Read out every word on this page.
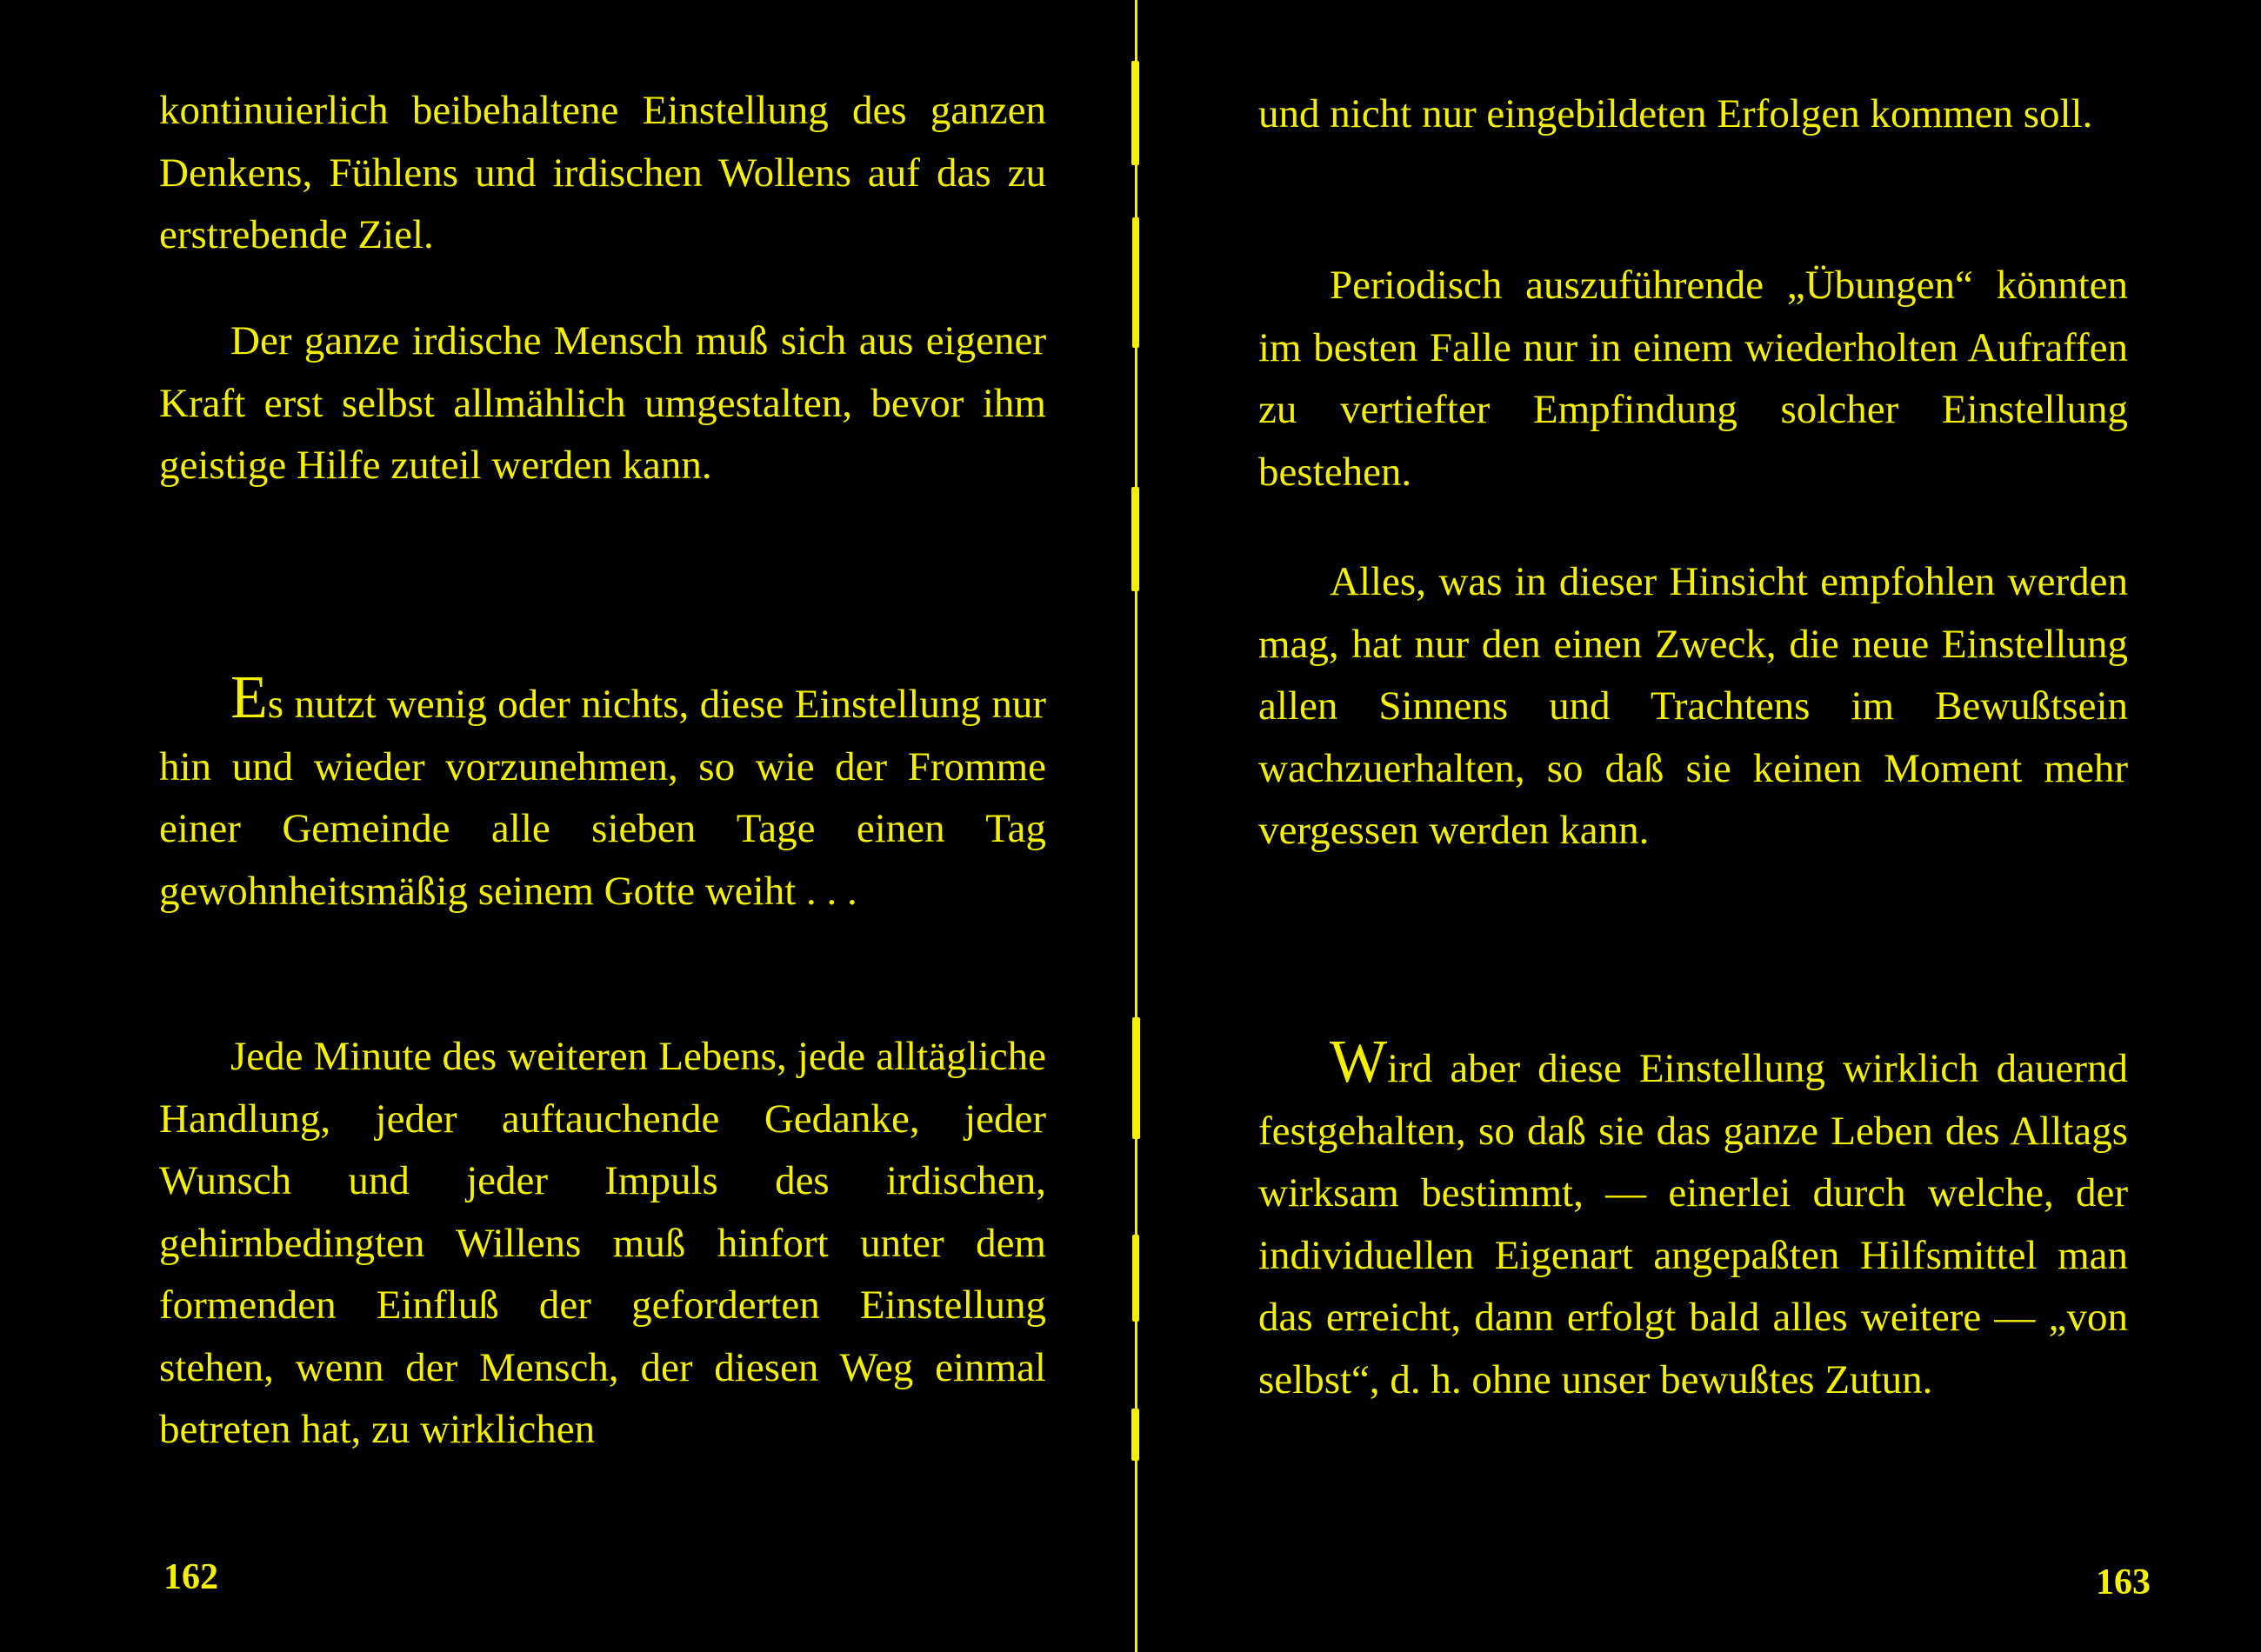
kontinuierlich beibehaltene Einstellung des ganzen Denkens, Fühlens und irdischen Wollens auf das zu erstrebende Ziel.

Der ganze irdische Mensch muß sich aus eigener Kraft erst selbst allmählich umgestalten, bevor ihm geistige Hilfe zuteil werden kann.

Es nutzt wenig oder nichts, diese Einstellung nur hin und wieder vorzunehmen, so wie der Fromme einer Gemeinde alle sieben Tage einen Tag gewohnheitsmäßig seinem Gotte weiht . . .

Jede Minute des weiteren Lebens, jede alltägliche Handlung, jeder auftauchende Gedanke, jeder Wunsch und jeder Impuls des irdischen, gehirnbedingten Willens muß hinfort unter dem formenden Einfluß der geforderten Einstellung stehen, wenn der Mensch, der diesen Weg einmal betreten hat, zu wirklichen

162

und nicht nur eingebildeten Erfolgen kommen soll.

Periodisch auszuführende „Übungen“ könnten im besten Falle nur in einem wiederholten Aufraffen zu vertiefter Empfindung solcher Einstellung bestehen.

Alles, was in dieser Hinsicht empfohlen werden mag, hat nur den einen Zweck, die neue Einstellung allen Sinnens und Trachtens im Bewußtsein wachzuerhalten, so daß sie keinen Moment mehr vergessen werden kann.

Wird aber diese Einstellung wirklich dauernd festgehalten, so daß sie das ganze Leben des Alltags wirksam bestimmt, — einerlei durch welche, der individuellen Eigenart angepaßten Hilfsmittel man das erreicht, dann erfolgt bald alles weitere — „von selbst“, d. h. ohne unser bewußtes Zutun.

163
